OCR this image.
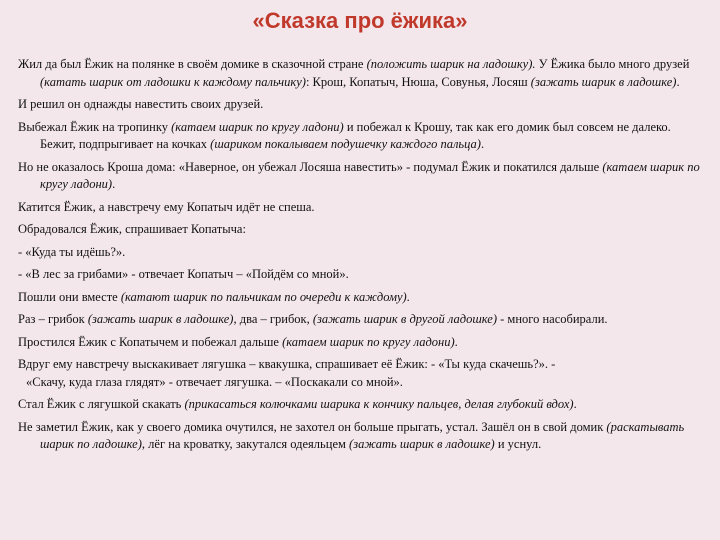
«Сказка про ёжика»

Жил да был Ёжик на полянке в своём домике в сказочной стране (положить шарик на ладошку). У Ёжика было много друзей (катать шарик от ладошки к каждому пальчику): Крош, Копатыч, Нюша, Совунья, Лосяш (зажать шарик в ладошке).

И решил он однажды навестить своих друзей.

Выбежал Ёжик на тропинку (катаем шарик по кругу ладони) и побежал к Крошу, так как его домик был совсем не далеко. Бежит, подпрыгивает на кочках (шариком покалываем подушечку каждого пальца).

Но не оказалось Кроша дома: «Наверное, он убежал Лосяша навестить» - подумал Ёжик и покатился дальше (катаем шарик по кругу ладони).

Катится Ёжик, а навстречу ему Копатыч идёт не спеша.

Обрадовался Ёжик, спрашивает Копатыча:

- «Куда ты идёшь?».

- «В лес за грибами» - отвечает Копатыч – «Пойдём со мной».

Пошли они вместе (катают шарик по пальчикам по очереди к каждому).

Раз – грибок (зажать шарик в ладошке), два – грибок, (зажать шарик в другой ладошке) - много насобирали.

Простился Ёжик с Копатычем и побежал дальше (катаем шарик по кругу ладони).

Вдруг ему навстречу выскакивает лягушка – квакушка, спрашивает её Ёжик: - «Ты куда скачешь?». -
«Скачу, куда глаза глядят» - отвечает лягушка. – «Поскакали со мной».

Стал Ёжик с лягушкой скакать (прикасаться колючками шарика к кончику пальцев, делая глубокий вдох).

Не заметил Ёжик, как у своего домика очутился, не захотел он больше прыгать, устал. Зашёл он в свой домик (раскатывать шарик по ладошке), лёг на кроватку, закутался одеяльцем (зажать шарик в ладошке) и уснул.
